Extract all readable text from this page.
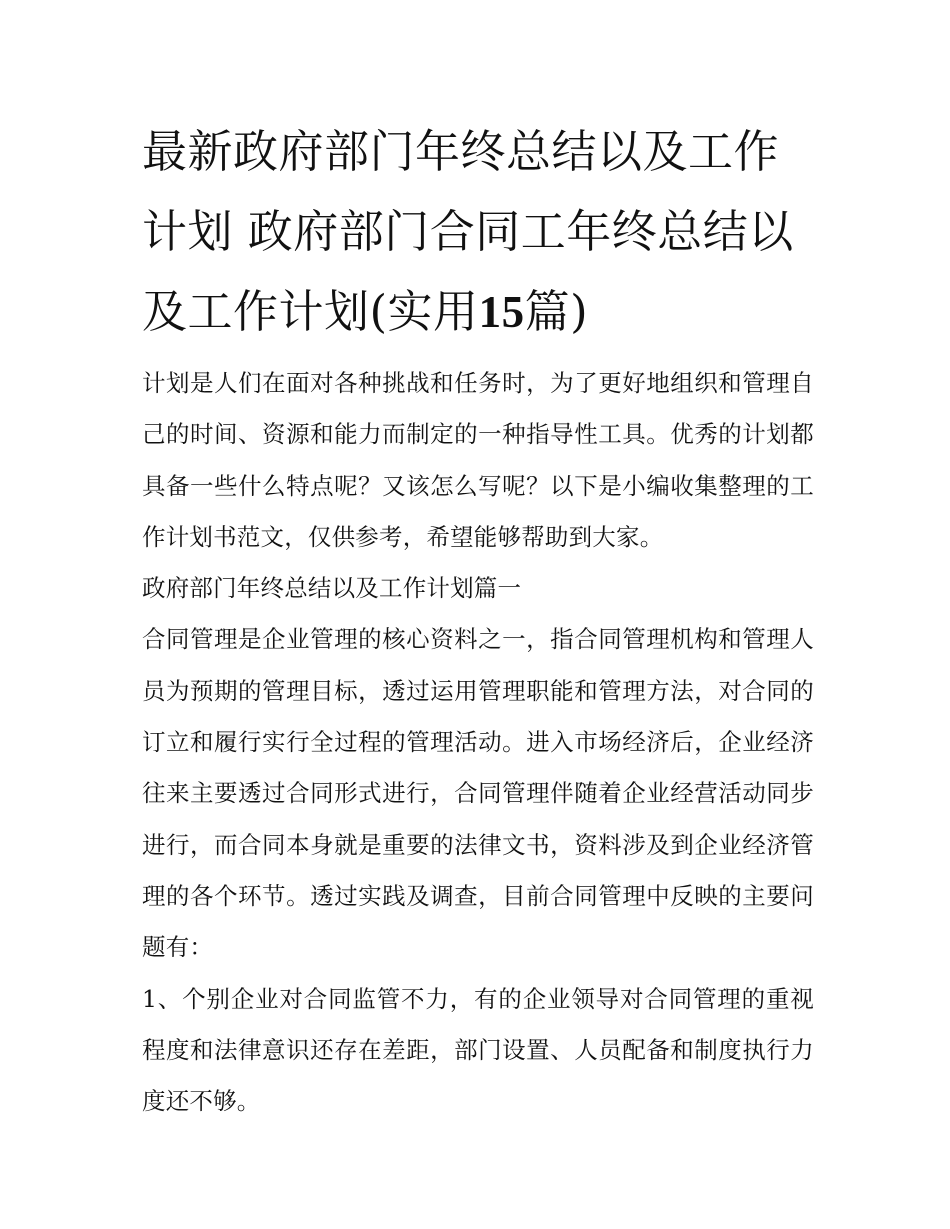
最新政府部门年终总结以及工作计划 政府部门合同工年终总结以及工作计划(实用15篇)

计划是人们在面对各种挑战和任务时，为了更好地组织和管理自己的时间、资源和能力而制定的一种指导性工具。优秀的计划都具备一些什么特点呢？又该怎么写呢？以下是小编收集整理的工作计划书范文，仅供参考，希望能够帮助到大家。

政府部门年终总结以及工作计划篇一

合同管理是企业管理的核心资料之一，指合同管理机构和管理人员为预期的管理目标，透过运用管理职能和管理方法，对合同的订立和履行实行全过程的管理活动。进入市场经济后，企业经济往来主要透过合同形式进行，合同管理伴随着企业经营活动同步进行，而合同本身就是重要的法律文书，资料涉及到企业经济管理的各个环节。透过实践及调查，目前合同管理中反映的主要问题有：

1、个别企业对合同监管不力，有的企业领导对合同管理的重视程度和法律意识还存在差距，部门设置、人员配备和制度执行力度还不够。
